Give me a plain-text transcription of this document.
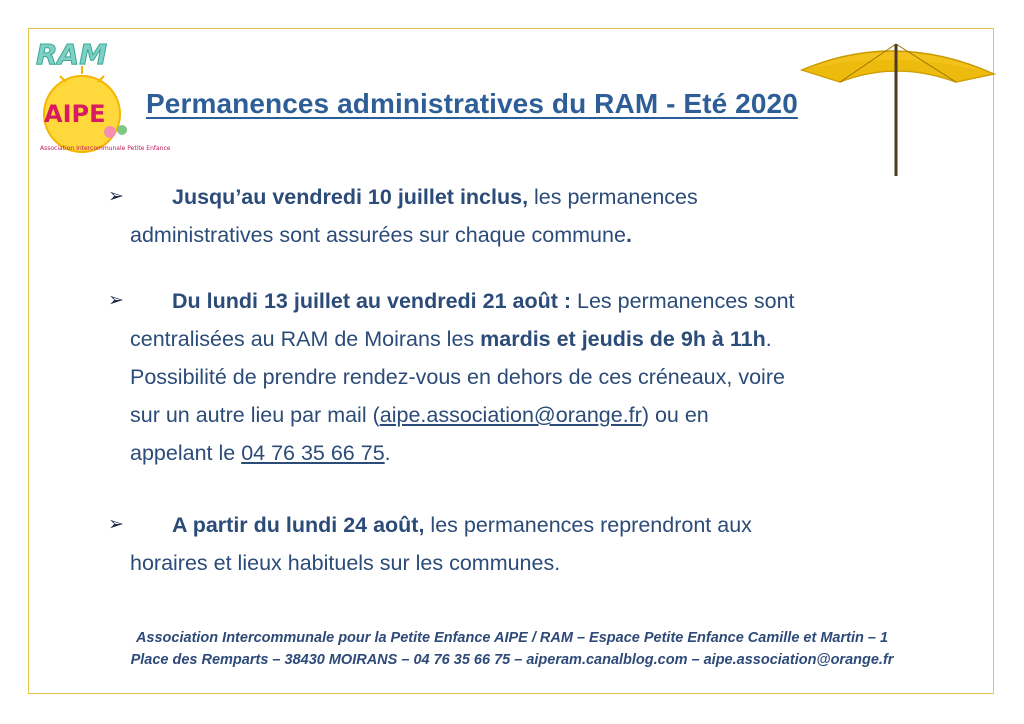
RAM
AIPE
Association Intercommunale Petite Enfance
Permanences administratives du RAM - Eté 2020
➢	Jusqu’au vendredi 10 juillet inclus, les permanences
administratives sont assurées sur chaque commune.
➢	Du lundi 13 juillet au vendredi 21 août : Les permanences sont
centralisées au RAM de Moirans les mardis et jeudis de 9h à 11h.
Possibilité de prendre rendez-vous en dehors de ces créneaux, voire
sur un autre lieu par mail (aipe.association@orange.fr) ou en
appelant le 04 76 35 66 75.
➢	A partir du lundi 24 août, les permanences reprendront aux
horaires et lieux habituels sur les communes.
Association Intercommunale pour la Petite Enfance AIPE / RAM – Espace Petite Enfance Camille et Martin – 1
Place des Remparts – 38430 MOIRANS – 04 76 35 66 75 – aiperam.canalblog.com – aipe.association@orange.fr
